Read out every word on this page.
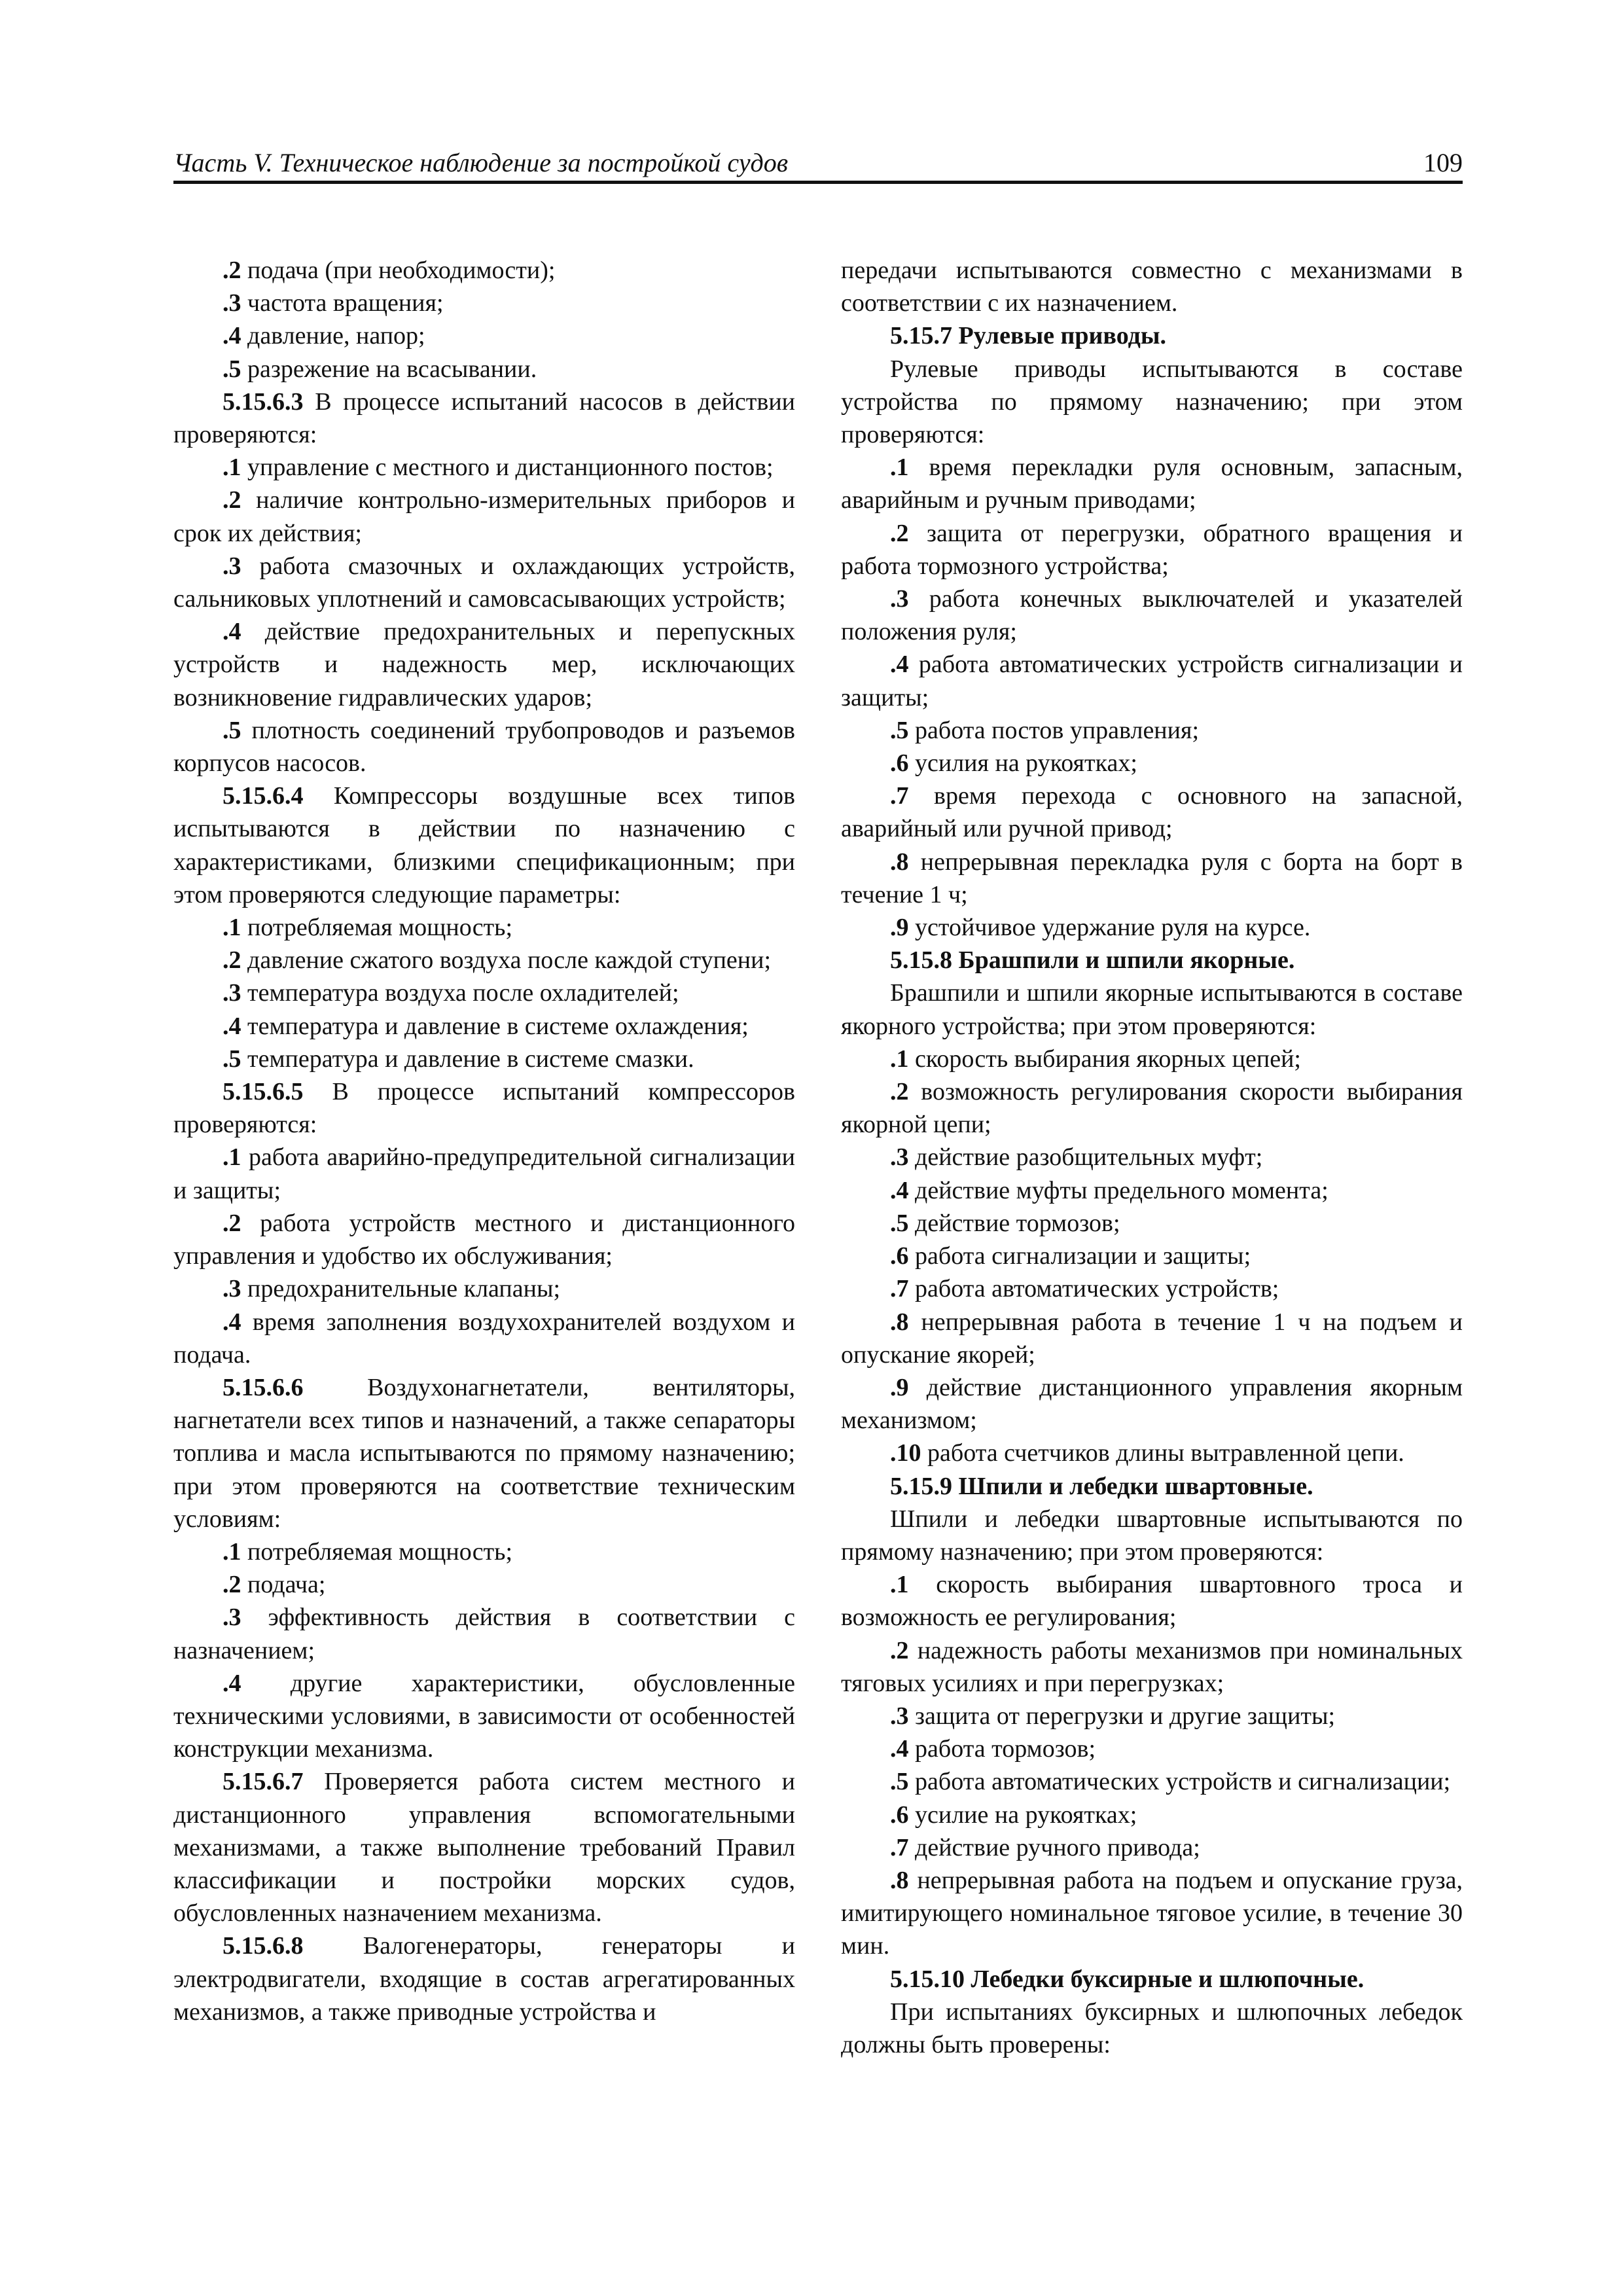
Часть V. Техническое наблюдение за постройкой судов	109

.2 подача (при необходимости);

.3 частота вращения;

.4 давление, напор;

.5 разрежение на всасывании.

5.15.6.3 В процессе испытаний насосов в действии проверяются:

.1 управление с местного и дистанционного постов;

.2 наличие контрольно-измерительных приборов и срок их действия;

.3 работа смазочных и охлаждающих устройств, сальниковых уплотнений и самовсасывающих устройств;

.4 действие предохранительных и перепускных устройств и надежность мер, исключающих возникновение гидравлических ударов;

.5 плотность соединений трубопроводов и разъемов корпусов насосов.

5.15.6.4 Компрессоры воздушные всех типов испытываются в действии по назначению с характеристиками, близкими спецификационным; при этом проверяются следующие параметры:

.1 потребляемая мощность;

.2 давление сжатого воздуха после каждой ступени;

.3 температура воздуха после охладителей;

.4 температура и давление в системе охлаждения;

.5 температура и давление в системе смазки.

5.15.6.5 В процессе испытаний компрессоров проверяются:

.1 работа аварийно-предупредительной сигнализации и защиты;

.2 работа устройств местного и дистанционного управления и удобство их обслуживания;

.3 предохранительные клапаны;

.4 время заполнения воздухохранителей воздухом и подача.

5.15.6.6 Воздухонагнетатели, вентиляторы, нагнетатели всех типов и назначений, а также сепараторы топлива и масла испытываются по прямому назначению; при этом проверяются на соответствие техническим условиям:

.1 потребляемая мощность;

.2 подача;

.3 эффективность действия в соответствии с назначением;

.4 другие характеристики, обусловленные техническими условиями, в зависимости от особенностей конструкции механизма.

5.15.6.7 Проверяется работа систем местного и дистанционного управления вспомогательными механизмами, а также выполнение требований Правил классификации и постройки морских судов, обусловленных назначением механизма.

5.15.6.8 Валогенераторы, генераторы и электродвигатели, входящие в состав агрегатированных механизмов, а также приводные устройства и

передачи испытываются совместно с механизмами в соответствии с их назначением.

5.15.7 Рулевые приводы.

Рулевые приводы испытываются в составе устройства по прямому назначению; при этом проверяются:

.1 время перекладки руля основным, запасным, аварийным и ручным приводами;

.2 защита от перегрузки, обратного вращения и работа тормозного устройства;

.3 работа конечных выключателей и указателей положения руля;

.4 работа автоматических устройств сигнализации и защиты;

.5 работа постов управления;

.6 усилия на рукоятках;

.7 время перехода с основного на запасной, аварийный или ручной привод;

.8 непрерывная перекладка руля с борта на борт в течение 1 ч;

.9 устойчивое удержание руля на курсе.

5.15.8 Брашпили и шпили якорные.

Брашпили и шпили якорные испытываются в составе якорного устройства; при этом проверяются:

.1 скорость выбирания якорных цепей;

.2 возможность регулирования скорости выбирания якорной цепи;

.3 действие разобщительных муфт;

.4 действие муфты предельного момента;

.5 действие тормозов;

.6 работа сигнализации и защиты;

.7 работа автоматических устройств;

.8 непрерывная работа в течение 1 ч на подъем и опускание якорей;

.9 действие дистанционного управления якорным механизмом;

.10 работа счетчиков длины вытравленной цепи.

5.15.9 Шпили и лебедки швартовные.

Шпили и лебедки швартовные испытываются по прямому назначению; при этом проверяются:

.1 скорость выбирания швартовного троса и возможность ее регулирования;

.2 надежность работы механизмов при номинальных тяговых усилиях и при перегрузках;

.3 защита от перегрузки и другие защиты;

.4 работа тормозов;

.5 работа автоматических устройств и сигнализации;

.6 усилие на рукоятках;

.7 действие ручного привода;

.8 непрерывная работа на подъем и опускание груза, имитирующего номинальное тяговое усилие, в течение 30 мин.

5.15.10 Лебедки буксирные и шлюпочные.

При испытаниях буксирных и шлюпочных лебедок должны быть проверены:
